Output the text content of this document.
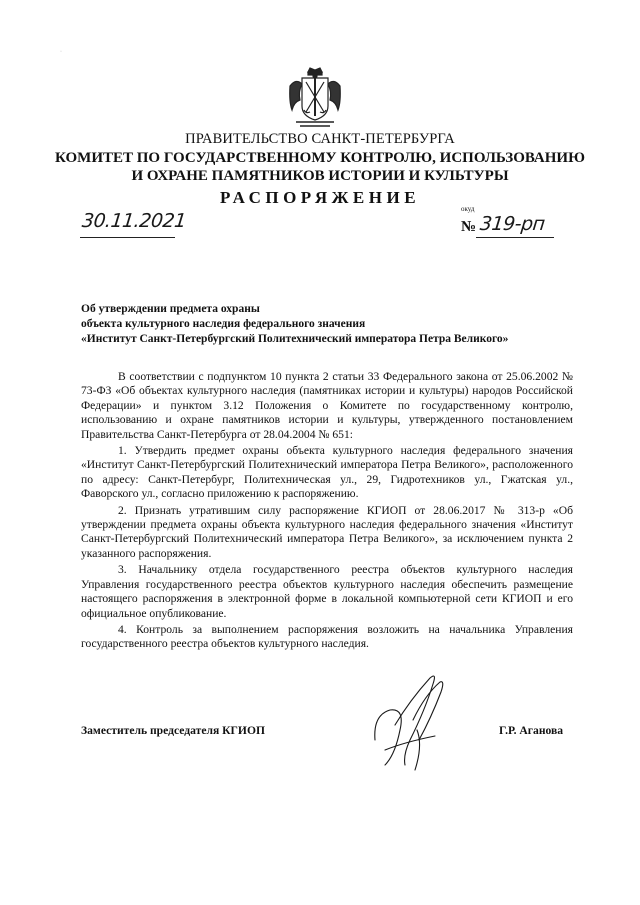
·
ПРАВИТЕЛЬСТВО САНКТ-ПЕТЕРБУРГА
КОМИТЕТ ПО ГОСУДАРСТВЕННОМУ КОНТРОЛЮ, ИСПОЛЬЗОВАНИЮ
И ОХРАНЕ ПАМЯТНИКОВ ИСТОРИИ И КУЛЬТУРЫ
РАСПОРЯЖЕНИЕ
30.11.2021
окуд
№ 319-рп
Об утверждении предмета охраны
объекта культурного наследия федерального значения
«Институт Санкт-Петербургский Политехнический императора Петра Великого»

В соответствии с подпунктом 10 пункта 2 статьи 33 Федерального закона от 25.06.2002 № 73-ФЗ «Об объектах культурного наследия (памятниках истории и культуры) народов Российской Федерации» и пунктом 3.12 Положения о Комитете по государственному контролю, использованию и охране памятников истории и культуры, утвержденного постановлением Правительства Санкт-Петербурга от 28.04.2004 № 651:

1. Утвердить предмет охраны объекта культурного наследия федерального значения «Институт Санкт-Петербургский Политехнический императора Петра Великого», расположенного по адресу: Санкт-Петербург, Политехническая ул., 29, Гидротехников ул., Гжатская ул., Фаворского ул., согласно приложению к распоряжению.

2. Признать утратившим силу распоряжение КГИОП от 28.06.2017 № 313-р «Об утверждении предмета охраны объекта культурного наследия федерального значения «Институт Санкт-Петербургский Политехнический императора Петра Великого», за исключением пункта 2 указанного распоряжения.

3. Начальнику отдела государственного реестра объектов культурного наследия Управления государственного реестра объектов культурного наследия обеспечить размещение настоящего распоряжения в электронной форме в локальной компьютерной сети КГИОП и его официальное опубликование.

4. Контроль за выполнением распоряжения возложить на начальника Управления государственного реестра объектов культурного наследия.

Заместитель председателя КГИОП	Г.Р. Аганова
